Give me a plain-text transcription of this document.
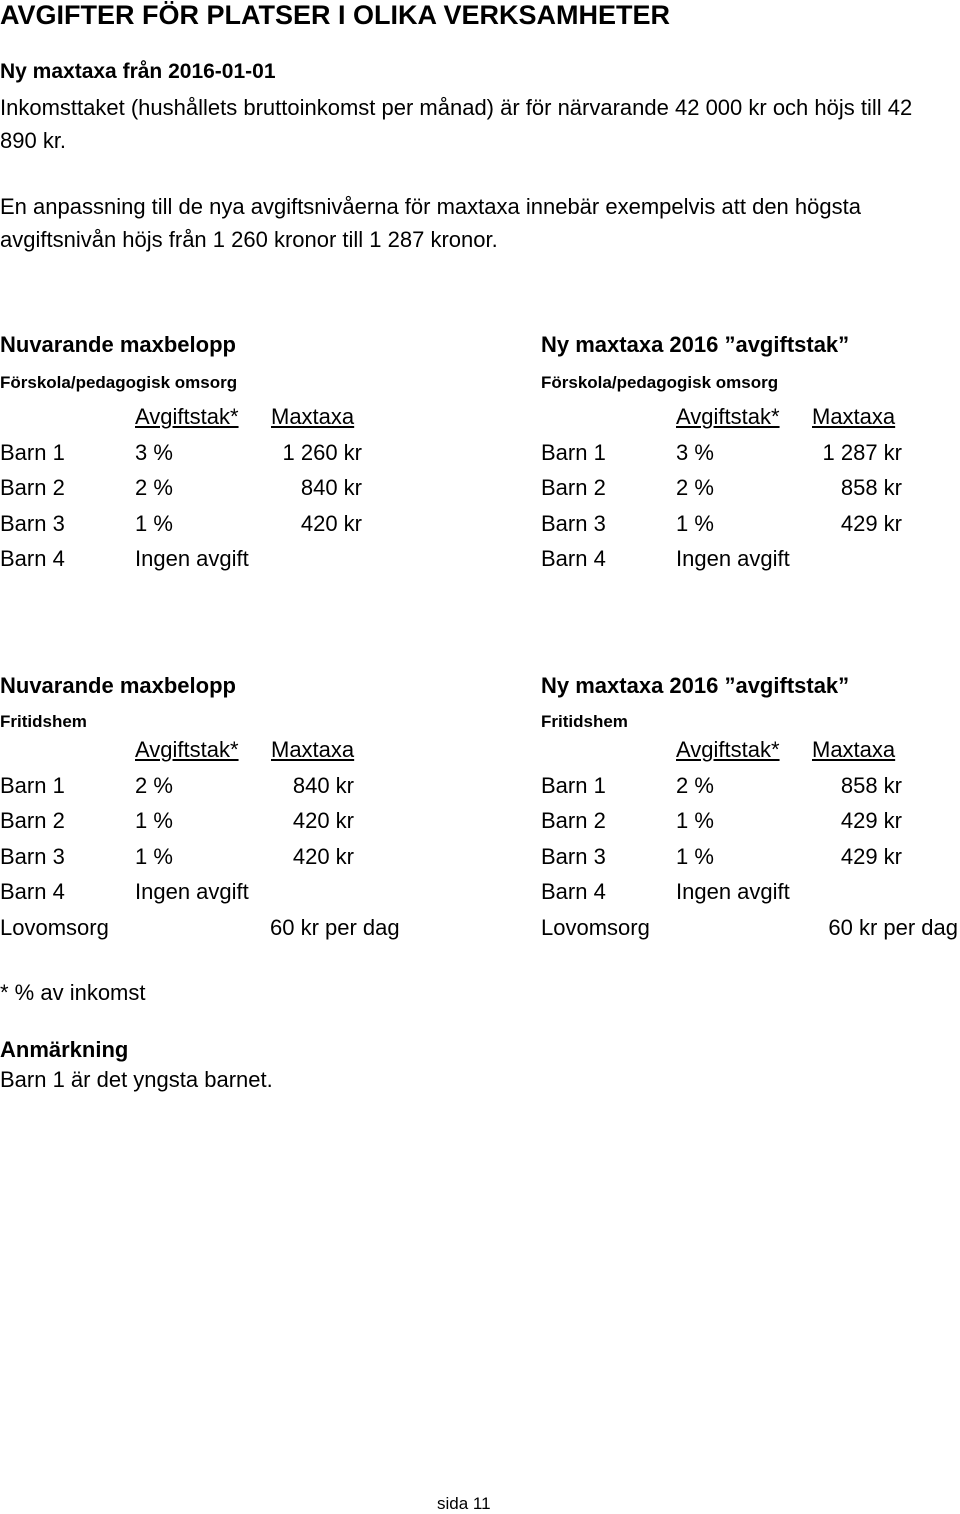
AVGIFTER FÖR PLATSER I OLIKA VERKSAMHETER
Ny maxtaxa från 2016-01-01
Inkomsttaket (hushållets bruttoinkomst per månad) är för närvarande 42 000 kr och höjs till 42 890 kr.
En anpassning till de nya avgiftsnivåerna för maxtaxa innebär exempelvis att den högsta avgiftsnivån höjs från 1 260 kronor till 1 287 kronor.
Nuvarande maxbelopp
Förskola/pedagogisk omsorg
Avgiftstak* Maxtaxa
Barn 1	3 %	1 260 kr
Barn 2	2 %	840 kr
Barn 3	1 %	420 kr
Barn 4	Ingen avgift
Ny maxtaxa 2016 ”avgiftstak”
Förskola/pedagogisk omsorg
Avgiftstak* Maxtaxa
Barn 1	3 %	1 287 kr
Barn 2	2 %	858 kr
Barn 3	1 %	429 kr
Barn 4	Ingen avgift
Nuvarande maxbelopp
Fritidshem
Avgiftstak* Maxtaxa
Barn 1	2 %	840 kr
Barn 2	1 %	420 kr
Barn 3	1 %	420 kr
Barn 4	Ingen avgift
Lovomsorg	60 kr per dag
Ny maxtaxa 2016 ”avgiftstak”
Fritidshem
Avgiftstak* Maxtaxa
Barn 1	2 %	858 kr
Barn 2	1 %	429 kr
Barn 3	1 %	429 kr
Barn 4	Ingen avgift
Lovomsorg	60 kr per dag
* % av inkomst
Anmärkning
Barn 1 är det yngsta barnet.
sida 11
